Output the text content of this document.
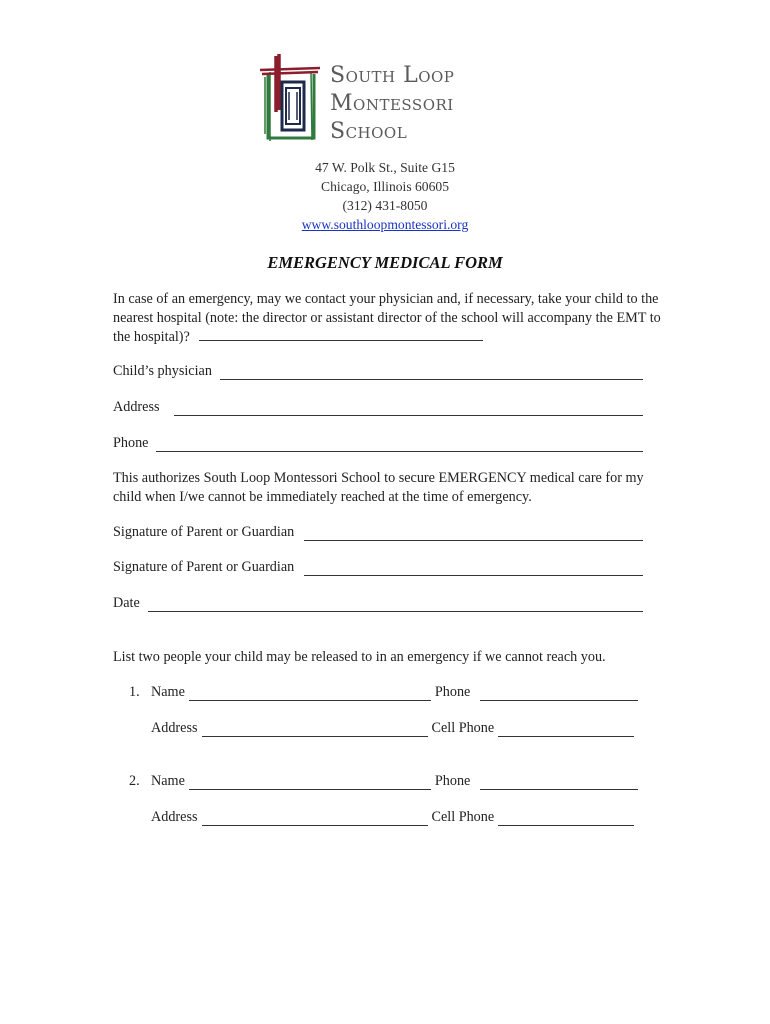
South Loop
Montessori
School
47 W. Polk St., Suite G15
Chicago, Illinois 60605
(312) 431-8050
www.southloopmontessori.org
EMERGENCY MEDICAL FORM
In case of an emergency, may we contact your physician and, if necessary, take your child to the nearest hospital (note: the director or assistant director of the school will accompany the EMT to the hospital)?
Child’s physician
Address
Phone
This authorizes South Loop Montessori School to secure EMERGENCY medical care for my child when I/we cannot be immediately reached at the time of emergency.
Signature of Parent or Guardian
Signature of Parent or Guardian
Date
List two people your child may be released to in an emergency if we cannot reach you.
1. Name	Phone
Address	Cell Phone
2. Name	Phone
Address	Cell Phone
